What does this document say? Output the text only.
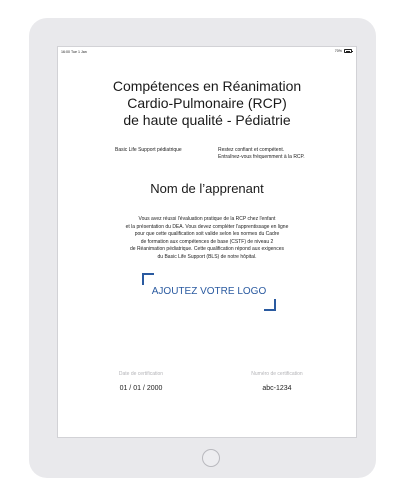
16:00 Tue 1 Jan	70%
Compétences en Réanimation
Cardio-Pulmonaire (RCP)
de haute qualité - Pédiatrie
Basic Life Support pédiatrique	Restez confiant et compétent.
Entraînez-vous fréquemment à la RCP.
Nom de l’apprenant
Vous avez réussi l'évaluation pratique de la RCP chez l'enfant
et la présentation du DEA. Vous devez compléter l'apprentissage en ligne
pour que cette qualification soit valide selon les normes du Cadre
de formation aux compétences de base (CSTF) de niveau 2
de Réanimation pédiatrique. Cette qualification répond aux exigences
du Basic Life Support (BLS) de notre hôpital.
AJOUTEZ VOTRE LOGO
Date de certification
01 / 01 / 2000
Numéro de certification
abc-1234
